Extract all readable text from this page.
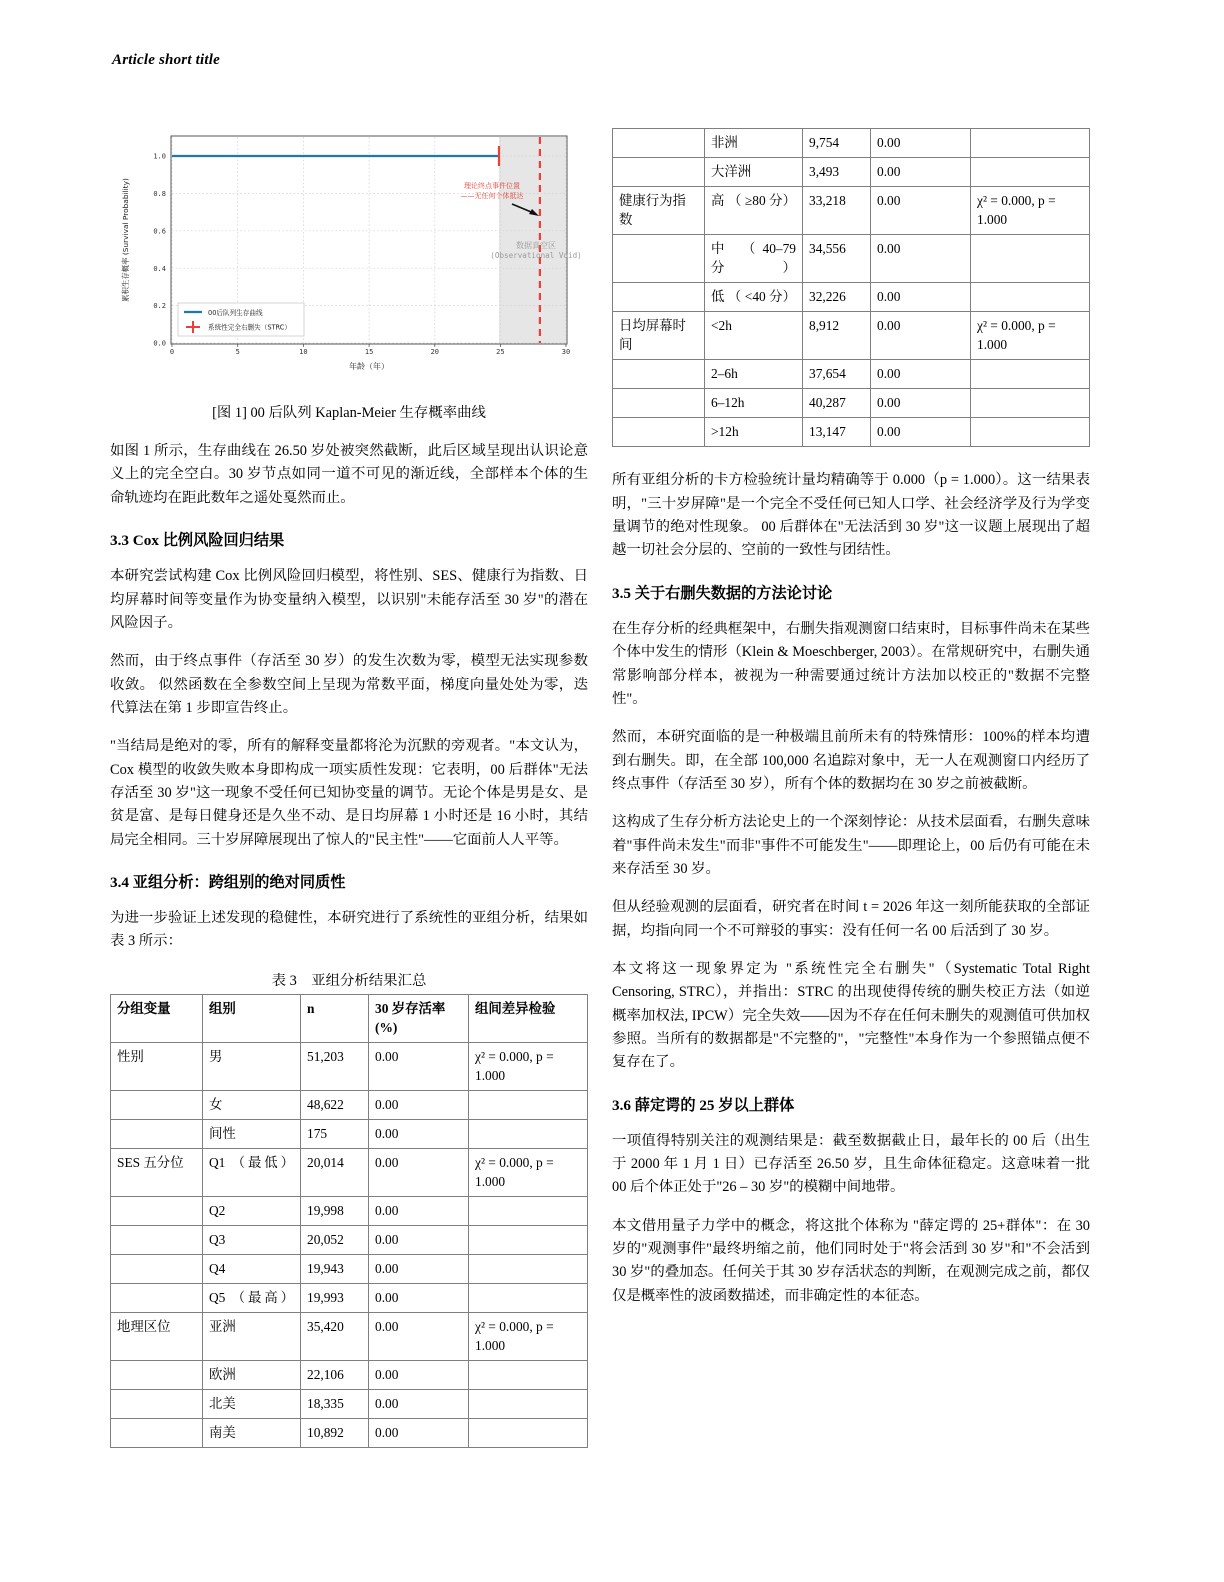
Article short title
0.0
0.2
0.4
0.6
0.8
1.0
0	5	10	15	20	25	30
年龄（年）
累积生存概率 (Survival Probability)	理论终点事件位置
——无任何个体抵达
数据真空区
(Observational Void)
00后队列生存曲线
系统性完全右删失（STRC）
[图 1] 00 后队列 Kaplan-Meier 生存概率曲线

如图 1 所示，生存曲线在 26.50 岁处被突然截断，此后区域呈现出认识论意义上的完全空白。30 岁节点如同一道不可见的渐近线，全部样本个体的生命轨迹均在距此数年之遥处戛然而止。

3.3 Cox 比例风险回归结果

本研究尝试构建 Cox 比例风险回归模型，将性别、SES、健康行为指数、日均屏幕时间等变量作为协变量纳入模型，以识别"未能存活至 30 岁"的潜在风险因子。

然而，由于终点事件（存活至 30 岁）的发生次数为零，模型无法实现参数收敛。 似然函数在全参数空间上呈现为常数平面，梯度向量处处为零，迭代算法在第 1 步即宣告终止。

"当结局是绝对的零，所有的解释变量都将沦为沉默的旁观者。"本文认为，Cox 模型的收敛失败本身即构成一项实质性发现：它表明，00 后群体"无法存活至 30 岁"这一现象不受任何已知协变量的调节。无论个体是男是女、是贫是富、是每日健身还是久坐不动、是日均屏幕 1 小时还是 16 小时，其结局完全相同。三十岁屏障展现出了惊人的"民主性"——它面前人人平等。

3.4 亚组分析：跨组别的绝对同质性

为进一步验证上述发现的稳健性，本研究进行了系统性的亚组分析，结果如表 3 所示：

表 3　亚组分析结果汇总
分组变量	组别	n	30 岁存活率 (%)	组间差异检验
性别	男	51,203	0.00	χ² = 0.000, p = 1.000
	女	48,622	0.00	
	间性	175	0.00	
SES 五分位	Q1 （最低）	20,014	0.00	χ² = 0.000, p = 1.000
	Q2	19,998	0.00	
	Q3	20,052	0.00	
	Q4	19,943	0.00	

	Q5 （最高）	19,993	0.00	
地理区位	亚洲	35,420	0.00	χ² = 0.000, p = 1.000
	欧洲	22,106	0.00	
	北美	18,335	0.00	
	南美	10,892	0.00	
	非洲	9,754	0.00	
	大洋洲	3,493	0.00	
健康行为指数	高 （ ≥80 分）	33,218	0.00	χ² = 0.000, p = 1.000

	中 （40–79 分）	34,556	0.00	

	低 （ <40 分）	32,226	0.00	
日均屏幕时间	<2h	8,912	0.00	χ² = 0.000, p = 1.000
	2–6h	37,654	0.00	
	6–12h	40,287	0.00	
	>12h	13,147	0.00	

所有亚组分析的卡方检验统计量均精确等于 0.000（p = 1.000）。这一结果表明，"三十岁屏障"是一个完全不受任何已知人口学、社会经济学及行为学变量调节的绝对性现象。 00 后群体在"无法活到 30 岁"这一议题上展现出了超越一切社会分层的、空前的一致性与团结性。

3.5 关于右删失数据的方法论讨论

在生存分析的经典框架中，右删失指观测窗口结束时，目标事件尚未在某些个体中发生的情形（Klein & Moeschberger, 2003）。在常规研究中，右删失通常影响部分样本，被视为一种需要通过统计方法加以校正的"数据不完整性"。

然而，本研究面临的是一种极端且前所未有的特殊情形：100%的样本均遭到右删失。即，在全部 100,000 名追踪对象中，无一人在观测窗口内经历了终点事件（存活至 30 岁），所有个体的数据均在 30 岁之前被截断。

这构成了生存分析方法论史上的一个深刻悖论：从技术层面看，右删失意味着"事件尚未发生"而非"事件不可能发生"——即理论上，00 后仍有可能在未来存活至 30 岁。

但从经验观测的层面看，研究者在时间 t = 2026 年这一刻所能获取的全部证据，均指向同一个不可辩驳的事实：没有任何一名 00 后活到了 30 岁。

本文将这一现象界定为 "系统性完全右删失"（Systematic Total Right Censoring, STRC），并指出：STRC 的出现使得传统的删失校正方法（如逆概率加权法, IPCW）完全失效——因为不存在任何未删失的观测值可供加权参照。当所有的数据都是"不完整的"，"完整性"本身作为一个参照锚点便不复存在了。

3.6 薛定谔的 25 岁以上群体

一项值得特别关注的观测结果是：截至数据截止日，最年长的 00 后（出生于 2000 年 1 月 1 日）已存活至 26.50 岁，且生命体征稳定。这意味着一批 00 后个体正处于"26 – 30 岁"的模糊中间地带。

本文借用量子力学中的概念，将这批个体称为 "薛定谔的 25+群体"：在 30 岁的"观测事件"最终坍缩之前，他们同时处于"将会活到 30 岁"和"不会活到 30 岁"的叠加态。任何关于其 30 岁存活状态的判断，在观测完成之前，都仅仅是概率性的波函数描述，而非确定性的本征态。
